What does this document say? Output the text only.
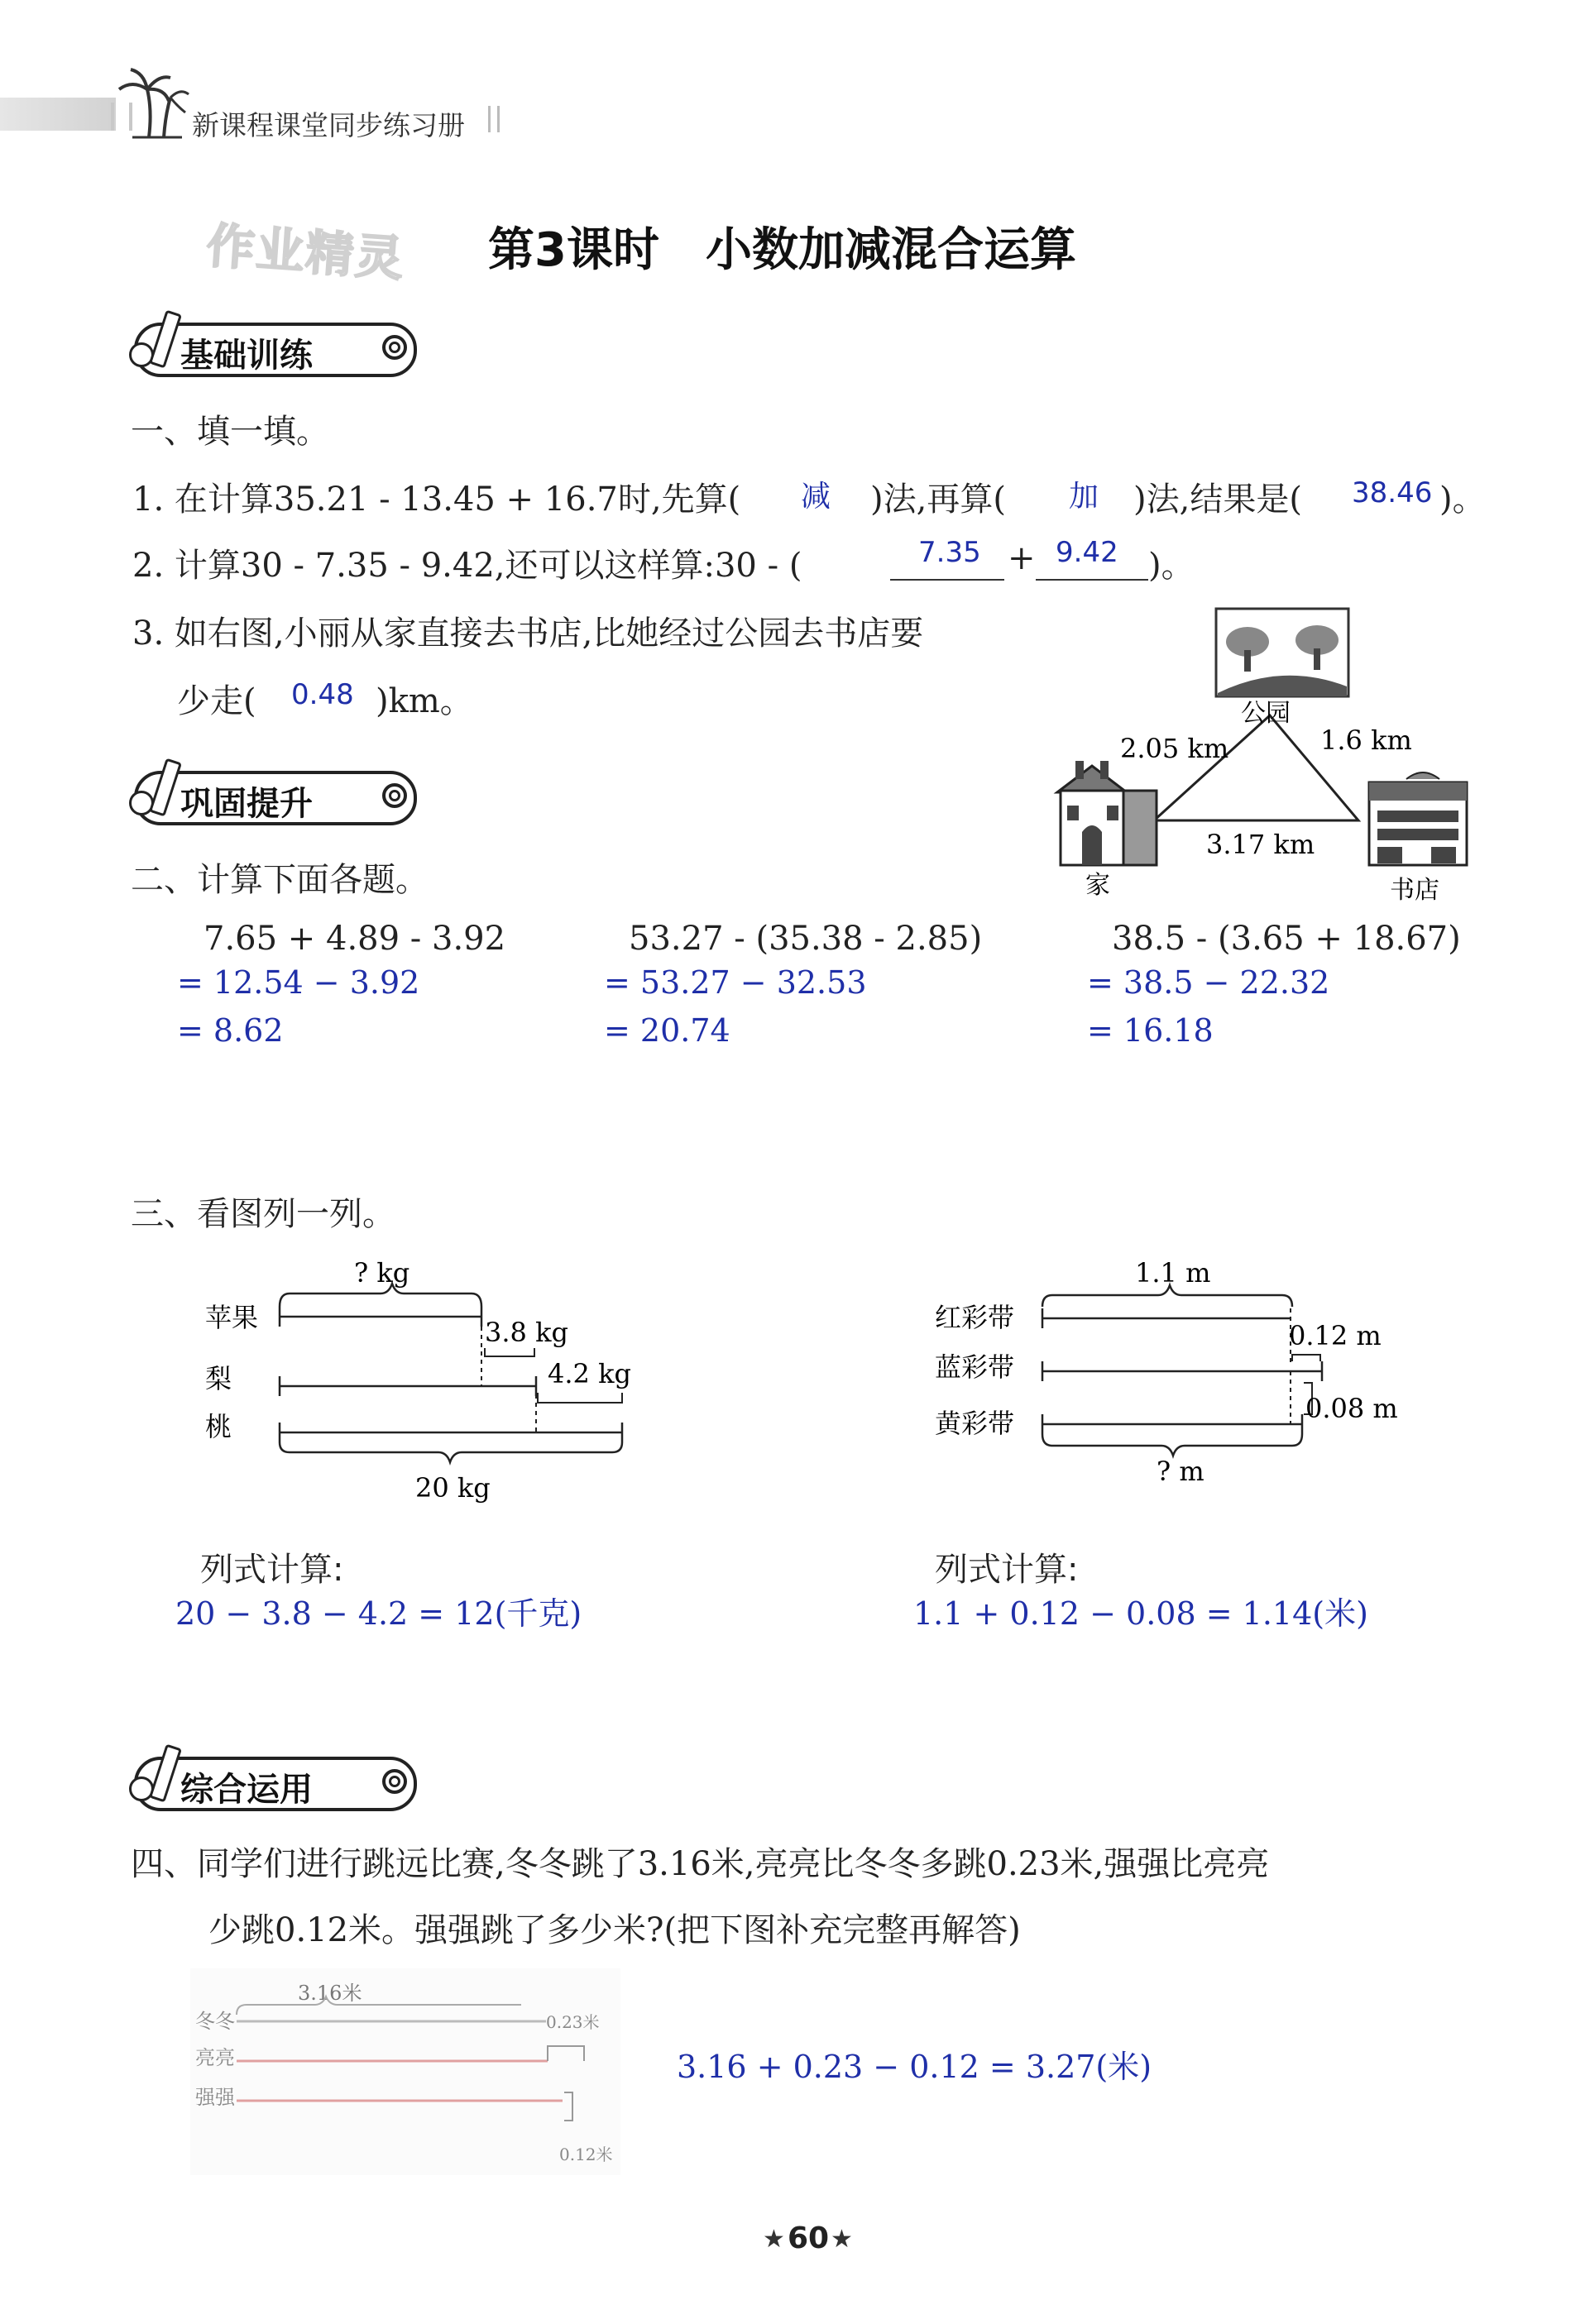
新课程课堂同步练习册
作业精灵 第3课时　小数加减混合运算
基础训练
一、填一填。
1. 在计算35.21 - 13.45 + 16.7时,先算( 减 )法,再算( 加 )法,结果是( 38.46 )。
2. 计算30 - 7.35 - 9.42,还可以这样算:30 - (	7.35 + 9.42 )。
3. 如右图,小丽从家直接去书店,比她经过公园去书店要
少走( 0.48 )km。	公园
2.05 km	1.6 km
3.17 km
家	书店
巩固提升
二、计算下面各题。
7.65 + 4.89 - 3.92
= 12.54 − 3.92
= 8.62
53.27 - (35.38 - 2.85)
= 53.27 − 32.53
= 20.74
38.5 - (3.65 + 18.67)
= 38.5 − 22.32
= 16.18
三、看图列一列。
? kg
苹果	3.8 kg
梨	4.2 kg
桃
20 kg
1.1 m
红彩带
0.12 m
蓝彩带
黄彩带	0.08 m
? m
列式计算:
20 − 3.8 − 4.2 = 12(千克)
列式计算:
1.1 + 0.12 − 0.08 = 1.14(米)
综合运用
四、同学们进行跳远比赛,冬冬跳了3.16米,亮亮比冬冬多跳0.23米,强强比亮亮
少跳0.12米。强强跳了多少米?(把下图补充完整再解答)
3.16米
冬冬	0.23米
亮亮
强强
0.12米
3.16 + 0.23 − 0.12 = 3.27(米)
★ 60 ★
